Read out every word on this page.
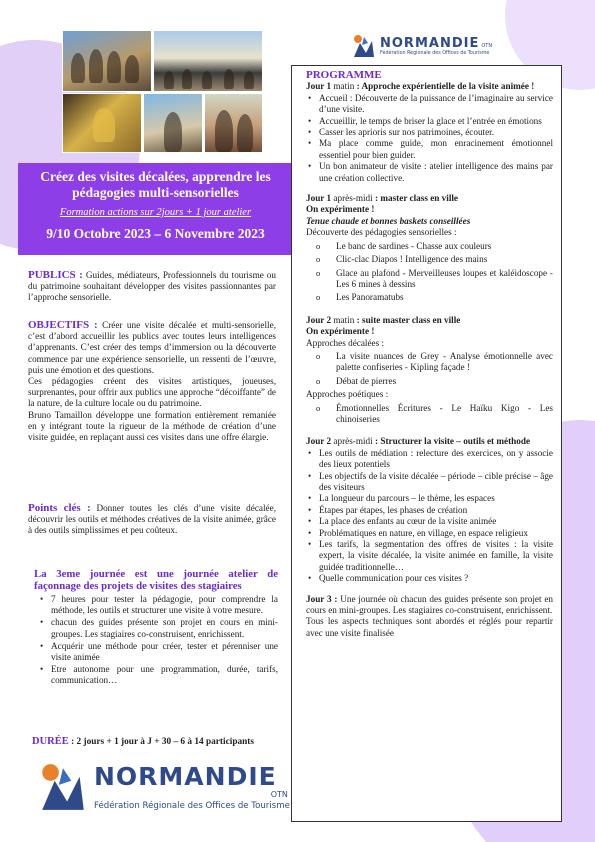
NORMANDIE OTN
Fédération Régionale des Offices de Tourisme
Créez des visites décalées, apprendre les pédagogies multi-sensorielles
Formation actions sur 2jours + 1 jour atelier
9/10 Octobre 2023 – 6 Novembre 2023
PUBLICS : Guides, médiateurs, Professionnels du tourisme ou du patrimoine souhaitant développer des visites passionnantes par l’approche sensorielle.

OBJECTIFS : Créer une visite décalée et multi-sensorielle, c’est d’abord accueillir les publics avec toutes leurs intelligences d’apprenants. C’est créer des temps d’immersion ou la découverte commence par une expérience sensorielle, un ressenti de l’œuvre, puis une émotion et des questions.

Ces pédagogies créent des visites artistiques, joueuses, surprenantes, pour offrir aux publics une approche “décoiffante” de la nature, de la culture locale ou du patrimoine.

Bruno Tamaillon développe une formation entièrement remaniée en y intégrant toute la rigueur de la méthode de création d’une visite guidée, en replaçant aussi ces visites dans une offre élargie.

Points clés : Donner toutes les clés d’une visite décalée, découvrir les outils et méthodes créatives de la visite animée, grâce à des outils simplissimes et peu coûteux.
La 3eme journée est une journée atelier de façonnage des projets de visites des stagiaires
• 7 heures pour tester la pédagogie, pour comprendre la méthode, les outils et structurer une visite à votre mesure.
• chacun des guides présente son projet en cours en mini-groupes. Les stagiaires co-construisent, enrichissent.
• Acquérir une méthode pour créer, tester et pérenniser une visite animée
• Etre autonome pour une programmation, durée, tarifs, communication…
DURÉE : 2 jours + 1 jour à J + 30 – 6 à 14 participants
NORMANDIE
OTN
Fédération Régionale des Offices de Tourisme
PROGRAMME

Jour 1 matin : Approche expérientielle de la visite animée !

• Accueil : Découverte de la puissance de l’imaginaire au service d’une visite.
• Accueillir, le temps de briser la glace et l’entrée en émotions
• Casser les aprioris sur nos patrimoines, écouter.
• Ma place comme guide, mon enracinement émotionnel essentiel pour bien guider.
• Un bon animateur de visite : atelier intelligence des mains par une création collective.

Jour 1 après-midi : master class en ville

On expérimente !

Tenue chaude et bonnes baskets conseillées

Découverte des pédagogies sensorielles :

o Le banc de sardines - Chasse aux couleurs
o Clic-clac Diapos ! Intelligence des mains
o Glace au plafond - Merveilleuses loupes et kaléidoscope - Les 6 mines à dessins
o Les Panoramatubs

Jour 2 matin : suite master class en ville

On expérimente !

Approches décalées :

o La visite nuances de Grey - Analyse émotionnelle avec palette confiseries - Kipling façade !
o Débat de pierres

Approches poétiques :

o Émotionnelles Écritures - Le Haïku Kigo - Les chinoiseries

Jour 2 après-midi : Structurer la visite – outils et méthode

• Les outils de médiation : relecture des exercices, on y associe des lieux potentiels
• Les objectifs de la visite décalée – période – cible précise – âge des visiteurs
• La longueur du parcours – le thème, les espaces
• Étapes par étapes, les phases de création
• La place des enfants au cœur de la visite animée
• Problématiques en nature, en village, en espace religieux
• Les tarifs, la segmentation des offres de visites : la visite expert, la visite décalée, la visite animée en famille, la visite guidée traditionnelle…
• Quelle communication pour ces visites ?

Jour 3 : Une journée où chacun des guides présente son projet en cours en mini-groupes. Les stagiaires co-construisent, enrichissent.

Tous les aspects techniques sont abordés et réglés pour repartir avec une visite finalisée
